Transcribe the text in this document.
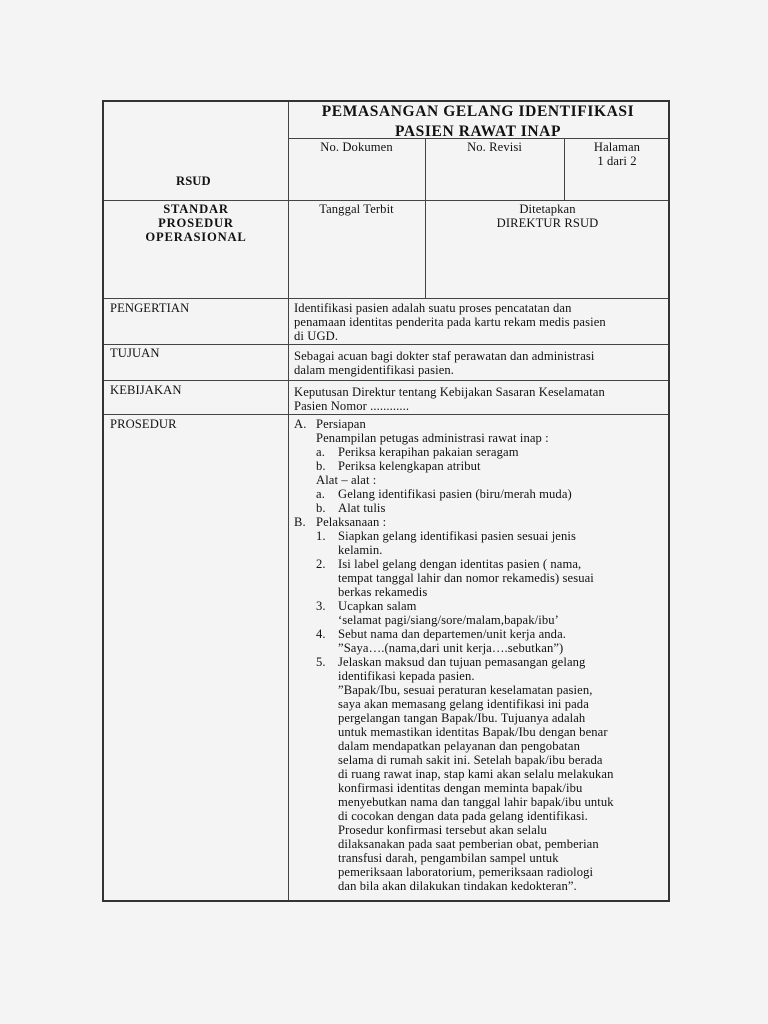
PEMASANGAN GELANG IDENTIFIKASI
PASIEN RAWAT INAP
RSUD
No. Dokumen	No. Revisi	Halaman
1 dari 2
STANDAR
PROSEDUR
OPERASIONAL
Tanggal Terbit	Ditetapkan
DIREKTUR RSUD
PENGERTIAN	Identifikasi pasien adalah suatu proses pencatatan dan
penamaan identitas penderita pada kartu rekam medis pasien
di UGD.
TUJUAN	Sebagai acuan bagi dokter staf perawatan dan administrasi
dalam mengidentifikasi pasien.
KEBIJAKAN	Keputusan Direktur tentang Kebijakan Sasaran Keselamatan
Pasien Nomor ............
PROSEDUR	A. Persiapan
Penampilan petugas administrasi rawat inap :
a. Periksa kerapihan pakaian seragam
b. Periksa kelengkapan atribut
Alat – alat :
a. Gelang identifikasi pasien (biru/merah muda)
b. Alat tulis
B. Pelaksanaan :
1. Siapkan gelang identifikasi pasien sesuai jenis
kelamin.
2. Isi label gelang dengan identitas pasien ( nama,
tempat tanggal lahir dan nomor rekamedis) sesuai
berkas rekamedis
3. Ucapkan salam
‘selamat pagi/siang/sore/malam,bapak/ibu’
4. Sebut nama dan departemen/unit kerja anda.
”Saya….(nama,dari unit kerja….sebutkan”)
5. Jelaskan maksud dan tujuan pemasangan gelang
identifikasi kepada pasien.
”Bapak/Ibu, sesuai peraturan keselamatan pasien,
saya akan memasang gelang identifikasi ini pada
pergelangan tangan Bapak/Ibu. Tujuanya adalah
untuk memastikan identitas Bapak/Ibu dengan benar
dalam mendapatkan pelayanan dan pengobatan
selama di rumah sakit ini. Setelah bapak/ibu berada
di ruang rawat inap, stap kami akan selalu melakukan
konfirmasi identitas dengan meminta bapak/ibu
menyebutkan nama dan tanggal lahir bapak/ibu untuk
di cocokan dengan data pada gelang identifikasi.
Prosedur konfirmasi tersebut akan selalu
dilaksanakan pada saat pemberian obat, pemberian
transfusi darah, pengambilan sampel untuk
pemeriksaan laboratorium, pemeriksaan radiologi
dan bila akan dilakukan tindakan kedokteran”.
